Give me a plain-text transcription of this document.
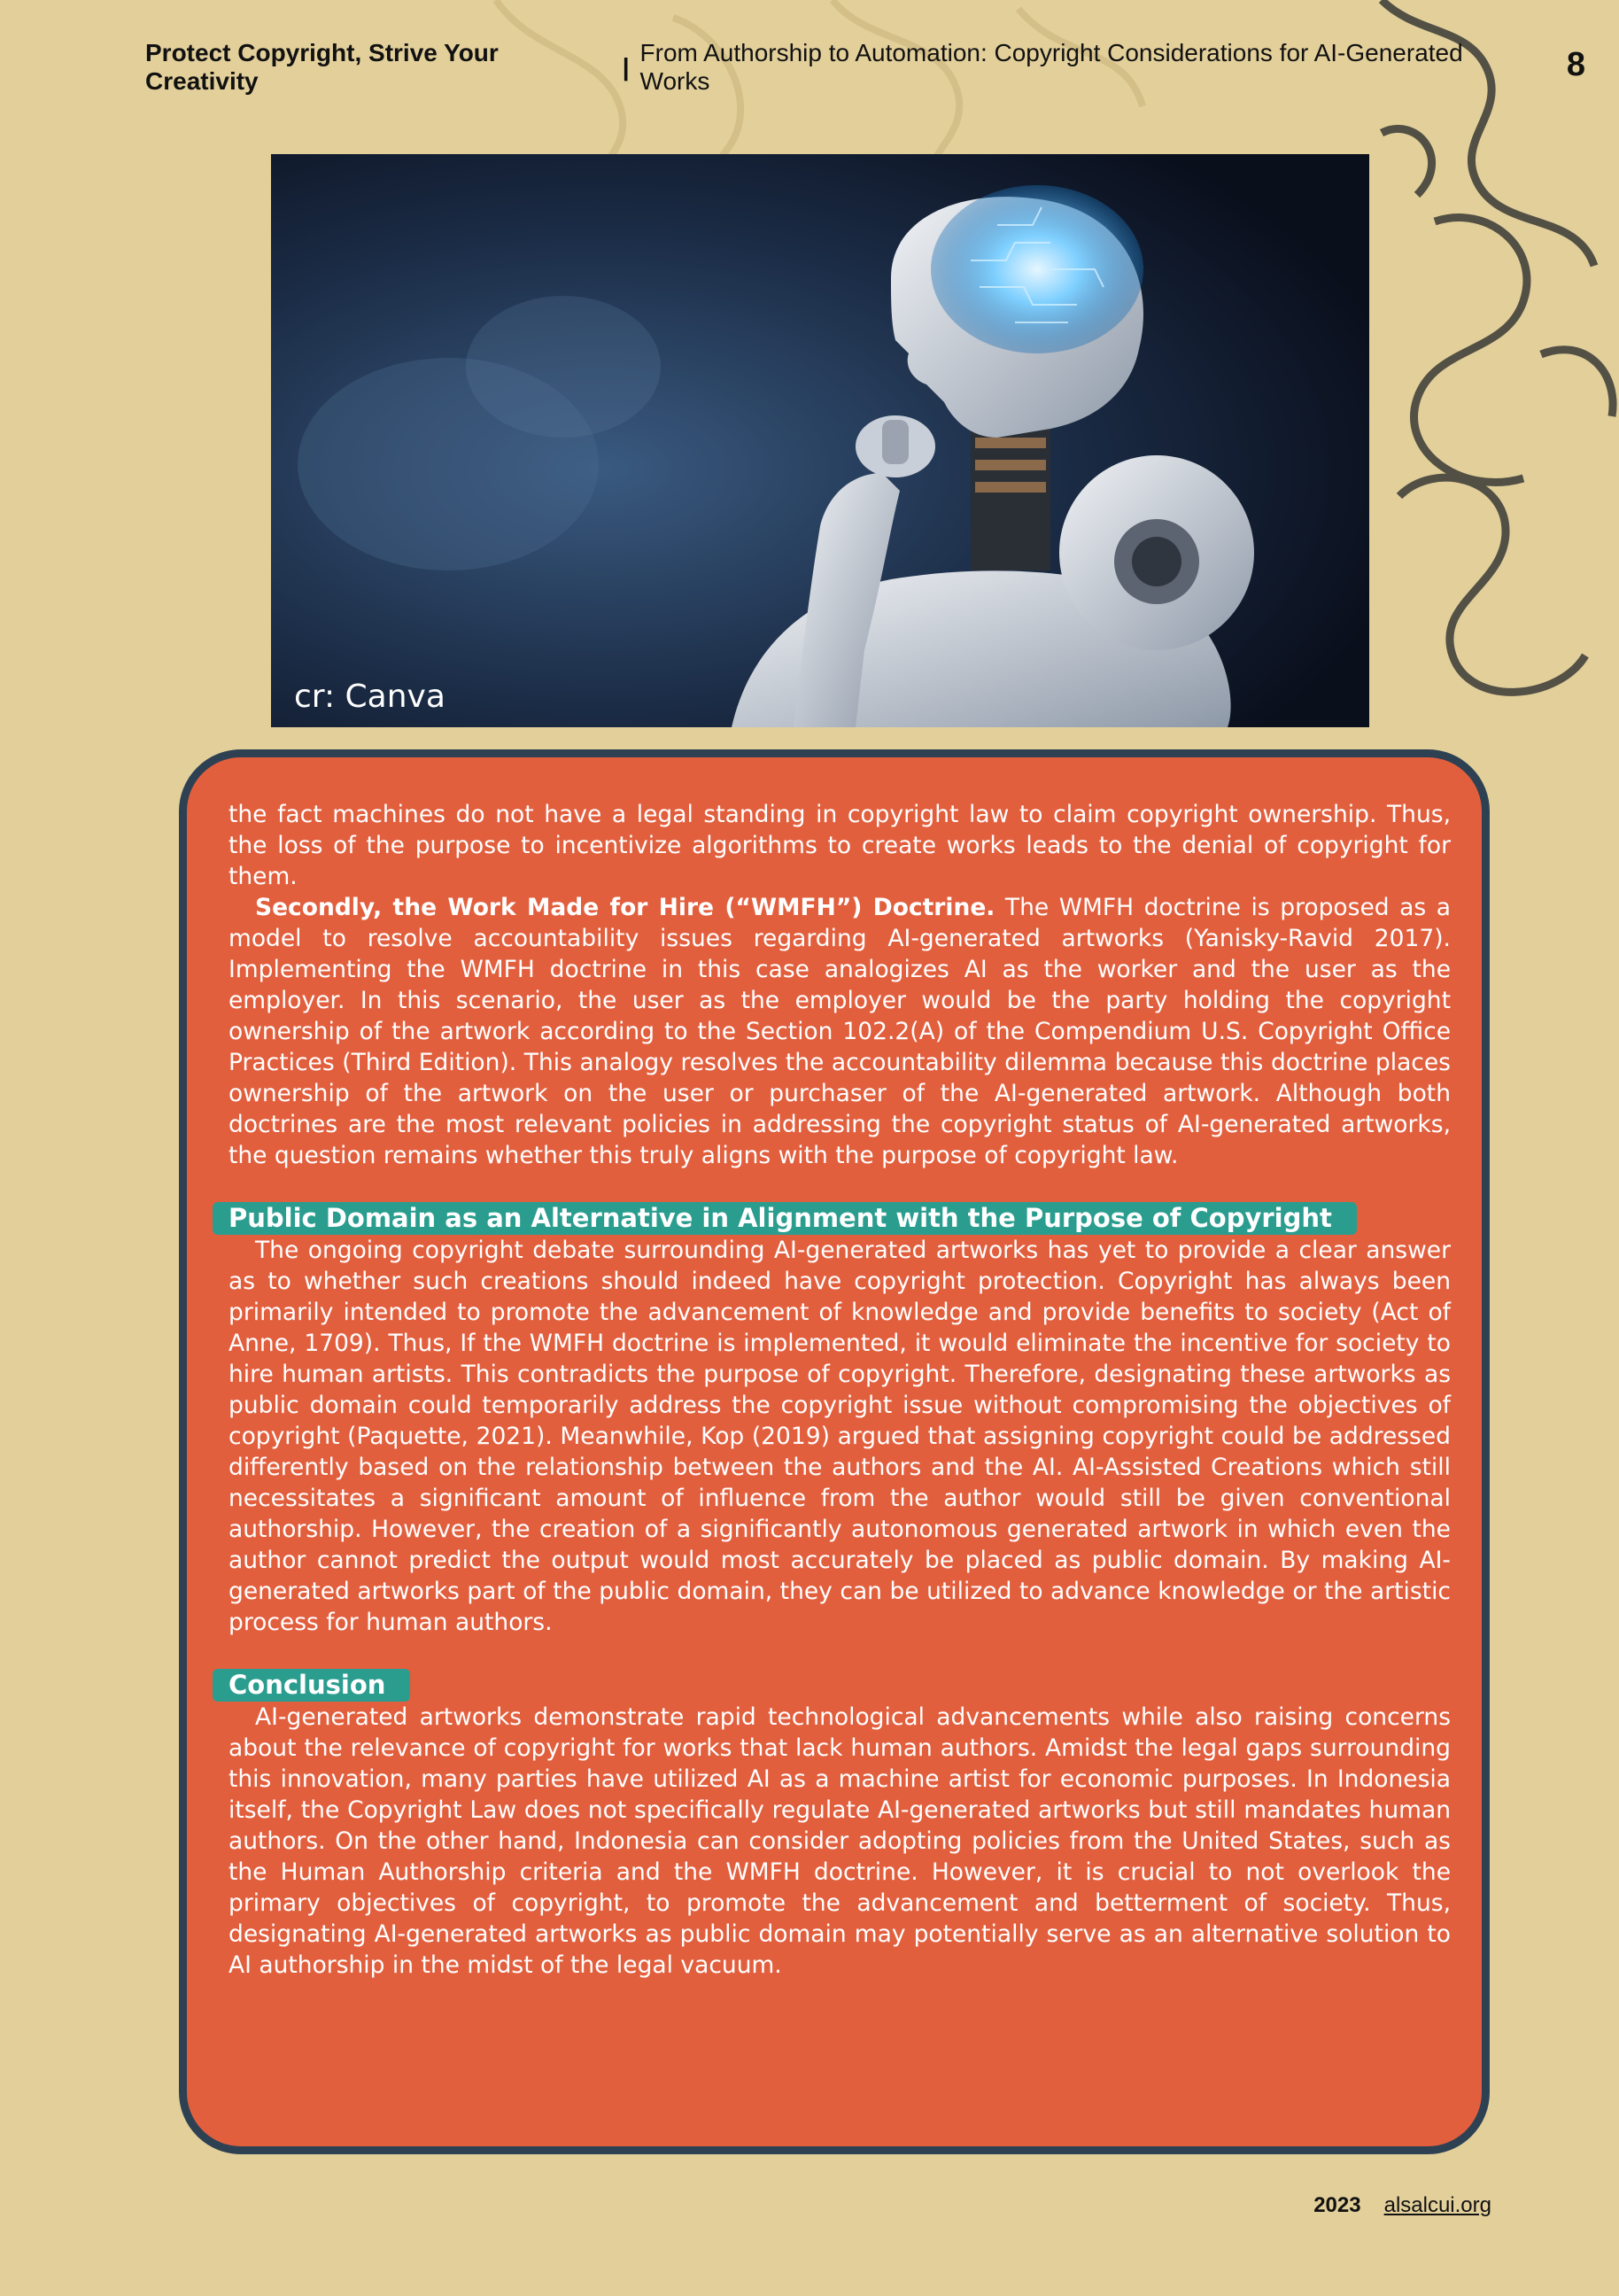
Protect Copyright, Strive Your Creativity
|
From Authorship to Automation: Copyright Considerations for AI-Generated Works	8
cr: Canva

the fact machines do not have a legal standing in copyright law to claim copyright ownership. Thus, the loss of the purpose to incentivize algorithms to create works leads to the denial of copyright for them.

Secondly, the Work Made for Hire (“WMFH”) Doctrine. The WMFH doctrine is proposed as a model to resolve accountability issues regarding AI-generated artworks (Yanisky-Ravid 2017). Implementing the WMFH doctrine in this case analogizes AI as the worker and the user as the employer. In this scenario, the user as the employer would be the party holding the copyright ownership of the artwork according to the Section 102.2(A) of the Compendium U.S. Copyright Office Practices (Third Edition). This analogy resolves the accountability dilemma because this doctrine places ownership of the artwork on the user or purchaser of the AI-generated artwork. Although both doctrines are the most relevant policies in addressing the copyright status of AI-generated artworks, the question remains whether this truly aligns with the purpose of copyright law.

Public Domain as an Alternative in Alignment with the Purpose of Copyright

The ongoing copyright debate surrounding AI-generated artworks has yet to provide a clear answer as to whether such creations should indeed have copyright protection. Copyright has always been primarily intended to promote the advancement of knowledge and provide benefits to society (Act of Anne, 1709). Thus, If the WMFH doctrine is implemented, it would eliminate the incentive for society to hire human artists. This contradicts the purpose of copyright. Therefore, designating these artworks as public domain could temporarily address the copyright issue without compromising the objectives of copyright (Paquette, 2021). Meanwhile, Kop (2019) argued that assigning copyright could be addressed differently based on the relationship between the authors and the AI. AI-Assisted Creations which still necessitates a significant amount of influence from the author would still be given conventional authorship. However, the creation of a significantly autonomous generated artwork in which even the author cannot predict the output would most accurately be placed as public domain. By making AI-generated artworks part of the public domain, they can be utilized to advance knowledge or the artistic process for human authors.

Conclusion

AI-generated artworks demonstrate rapid technological advancements while also raising concerns about the relevance of copyright for works that lack human authors. Amidst the legal gaps surrounding this innovation, many parties have utilized AI as a machine artist for economic purposes. In Indonesia itself, the Copyright Law does not specifically regulate AI-generated artworks but still mandates human authors. On the other hand, Indonesia can consider adopting policies from the United States, such as the Human Authorship criteria and the WMFH doctrine. However, it is crucial to not overlook the primary objectives of copyright, to promote the advancement and betterment of society. Thus, designating AI-generated artworks as public domain may potentially serve as an alternative solution to AI authorship in the midst of the legal vacuum.

2023 alsalcui.org
